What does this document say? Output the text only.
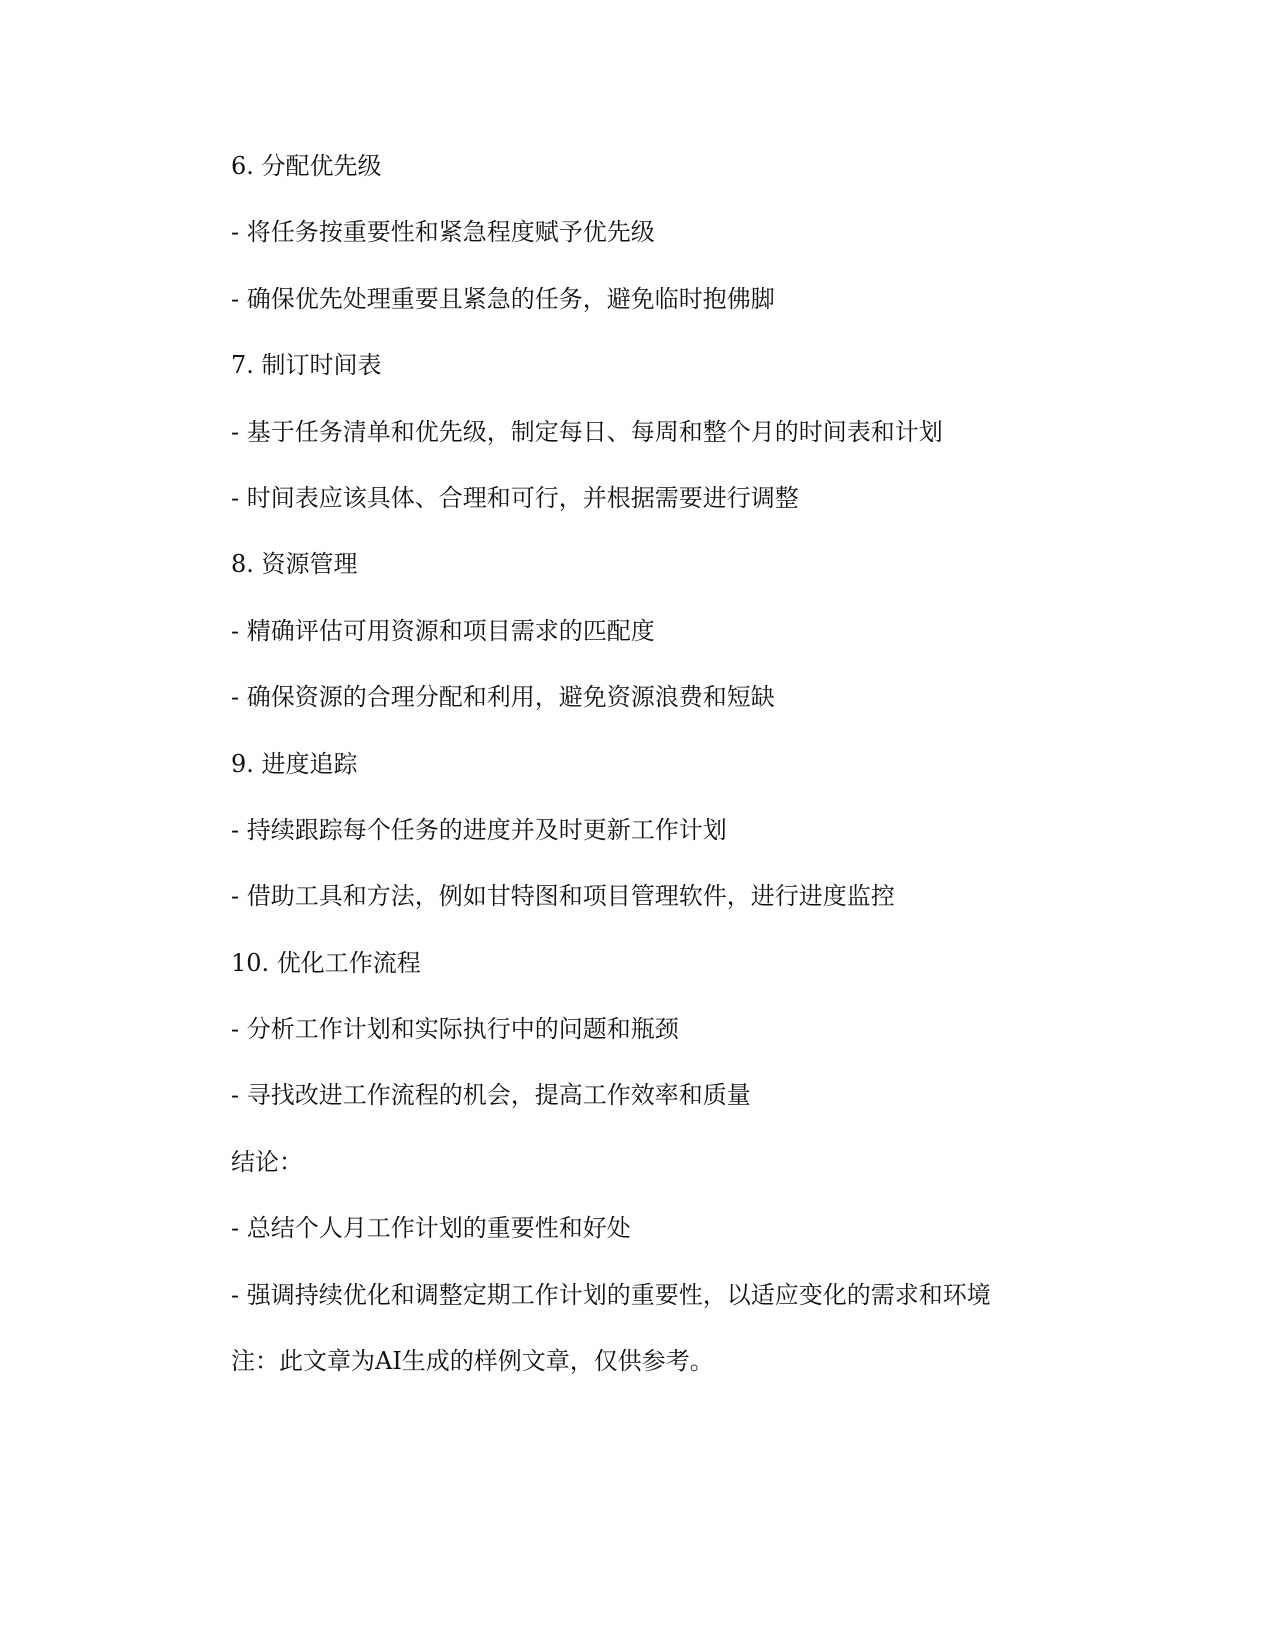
6. 分配优先级
- 将任务按重要性和紧急程度赋予优先级
- 确保优先处理重要且紧急的任务，避免临时抱佛脚
7. 制订时间表
- 基于任务清单和优先级，制定每日、每周和整个月的时间表和计划
- 时间表应该具体、合理和可行，并根据需要进行调整
8. 资源管理
- 精确评估可用资源和项目需求的匹配度
- 确保资源的合理分配和利用，避免资源浪费和短缺
9. 进度追踪
- 持续跟踪每个任务的进度并及时更新工作计划
- 借助工具和方法，例如甘特图和项目管理软件，进行进度监控
10. 优化工作流程
- 分析工作计划和实际执行中的问题和瓶颈
- 寻找改进工作流程的机会，提高工作效率和质量
结论：
- 总结个人月工作计划的重要性和好处
- 强调持续优化和调整定期工作计划的重要性，以适应变化的需求和环境
注：此文章为AI生成的样例文章，仅供参考。
